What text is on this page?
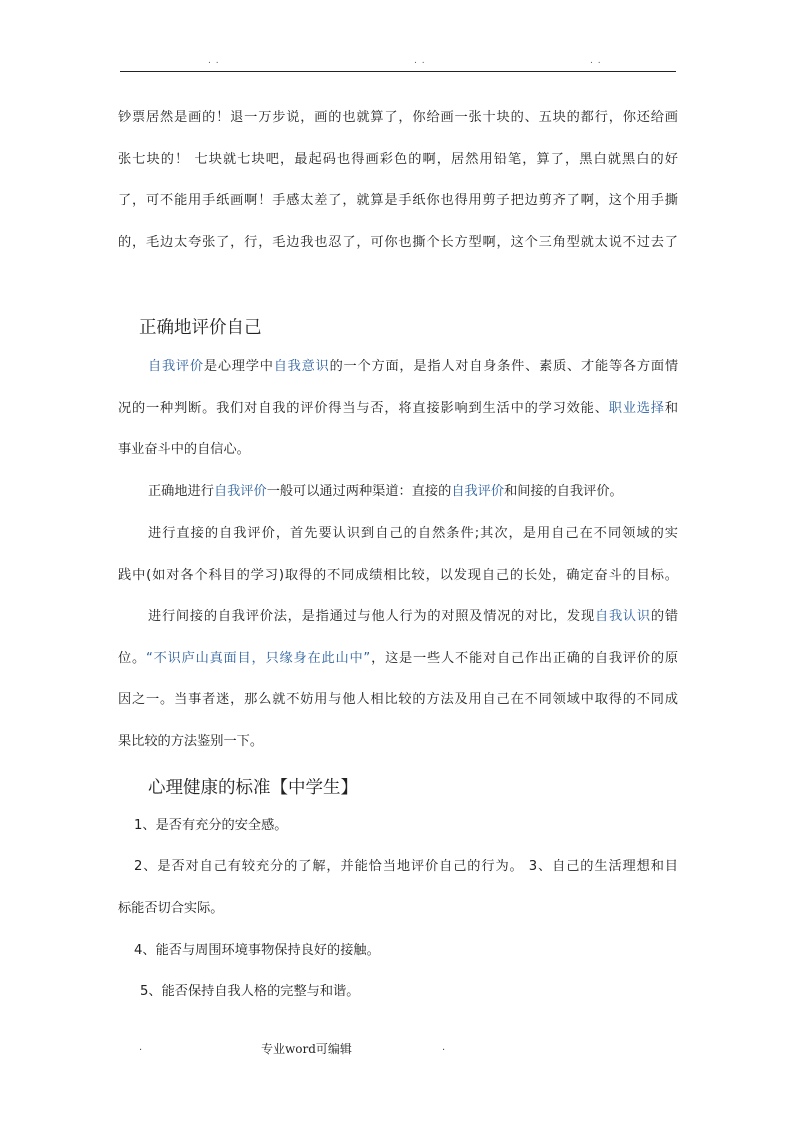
. .	. .	. .
钞票居然是画的！退一万步说，画的也就算了，你给画一张十块的、五块的都行，你还给画
张七块的！ 七块就七块吧，最起码也得画彩色的啊，居然用铅笔，算了，黑白就黑白的好
了，可不能用手纸画啊！手感太差了，就算是手纸你也得用剪子把边剪齐了啊，这个用手撕
的，毛边太夸张了，行，毛边我也忍了，可你也撕个长方型啊，这个三角型就太说不过去了
正确地评价自己
自我评价是心理学中自我意识的一个方面，是指人对自身条件、素质、才能等各方面情
况的一种判断。我们对自我的评价得当与否，将直接影响到生活中的学习效能、职业选择和
事业奋斗中的自信心。
正确地进行自我评价一般可以通过两种渠道：直接的自我评价和间接的自我评价。
进行直接的自我评价，首先要认识到自己的自然条件;其次，是用自己在不同领域的实
践中(如对各个科目的学习)取得的不同成绩相比较，以发现自己的长处，确定奋斗的目标。
进行间接的自我评价法，是指通过与他人行为的对照及情况的对比，发现自我认识的错
位。“不识庐山真面目，只缘身在此山中”，这是一些人不能对自己作出正确的自我评价的原
因之一。当事者迷，那么就不妨用与他人相比较的方法及用自己在不同领域中取得的不同成
果比较的方法鉴别一下。
心理健康的标准【中学生】
1、是否有充分的安全感。
2、是否对自己有较充分的了解，并能恰当地评价自己的行为。 3、自己的生活理想和目
标能否切合实际。
4、能否与周围环境事物保持良好的接触。
5、能否保持自我人格的完整与和谐。
.	专业word可编辑	.
